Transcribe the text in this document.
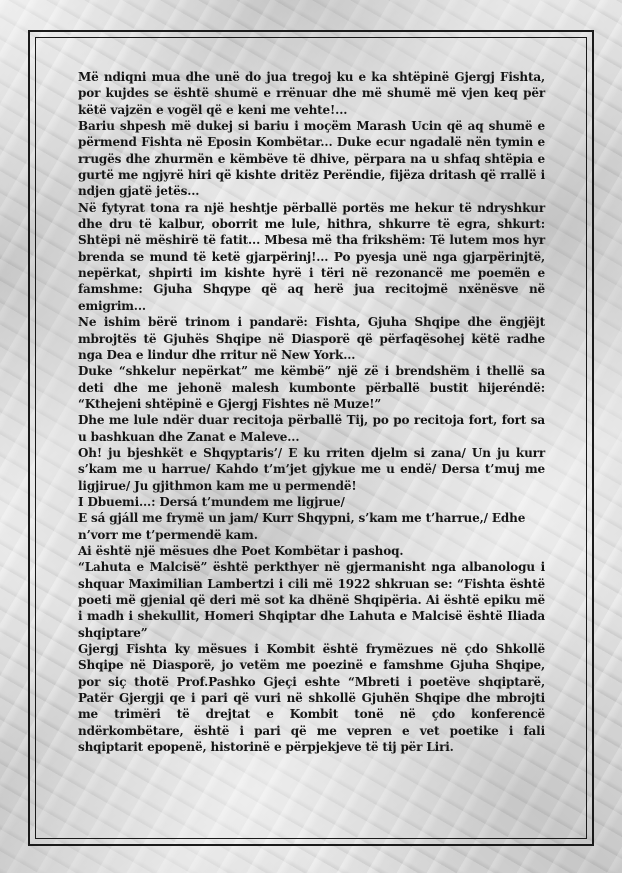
Më ndiqni mua dhe unë do jua tregoj ku e ka shtëpinë Gjergj Fishta, por kujdes se është shumë e rrënuar dhe më shumë më vjen keq për këtë vajzën e vogël që e keni me vehte!...

Bariu shpesh më dukej si bariu i moçëm Marash Ucin që aq shumë e përmend Fishta në Eposin Kombëtar... Duke ecur ngadalë nën tymin e rrugës dhe zhurmën e këmbëve të dhive, përpara na u shfaq shtëpia e gurtë me ngjyrë hiri që kishte dritëz Perëndie, fijëza dritash që rrallë i ndjen gjatë jetës...

Në fytyrat tona ra një heshtje përballë portës me hekur të ndryshkur dhe dru të kalbur, oborrit me lule, hithra, shkurre të egra, shkurt: Shtëpi në mëshirë të fatit... Mbesa më tha frikshëm: Të lutem mos hyr brenda se mund të ketë gjarpërinj!... Po pyesja unë nga gjarpërinjtë, nepërkat, shpirti im kishte hyrë i tëri në rezonancë me poemën e famshme: Gjuha Shqype që aq herë jua recitojmë nxënësve në emigrim...

Ne ishim bërë trinom i pandarë: Fishta, Gjuha Shqipe dhe ëngjëjt mbrojtës të Gjuhës Shqipe në Diasporë që përfaqësohej këtë radhe nga Dea e lindur dhe rritur në New York...

Duke “shkelur nepërkat” me këmbë” një zë i brendshëm i thellë sa deti dhe me jehonë malesh kumbonte përballë bustit hijeréndë: “Kthejeni shtëpinë e Gjergj Fishtes në Muze!”

Dhe me lule ndër duar recitoja përballë Tij, po po recitoja fort, fort sa u bashkuan dhe Zanat e Maleve...

Oh! ju bjeshkët e Shqyptaris’/ E ku rriten djelm si zana/ Un ju kurr s’kam me u harrue/ Kahdo t’m’jet gjykue me u endë/ Dersa t’muj me ligjirue/ Ju gjithmon kam me u permendë!

I Dbuemi...: Dersá t’mundem me ligjrue/

E sá gjáll me frymë un jam/ Kurr Shqypni, s’kam me t’harrue,/ Edhe n’vorr me t’permendë kam.

Ai është një mësues dhe Poet Kombëtar i pashoq.

“Lahuta e Malcisë” është perkthyer në gjermanisht nga albanologu i shquar Maximilian Lambertzi i cili më 1922 shkruan se: “Fishta është poeti më gjenial që deri më sot ka dhënë Shqipëria. Ai është epiku më i madh i shekullit, Homeri Shqiptar dhe Lahuta e Malcisë është Iliada shqiptare”

Gjergj Fishta ky mësues i Kombit është frymëzues në çdo Shkollë Shqipe në Diasporë, jo vetëm me poezinë e famshme Gjuha Shqipe, por siç thotë Prof.Pashko Gjeçi eshte “Mbreti i poetëve shqiptarë, Patër Gjergji qe i pari që vuri në shkollë Gjuhën Shqipe dhe mbrojti me trimëri të drejtat e Kombit tonë në çdo konferencë ndërkombëtare, është i pari që me vepren e vet poetike i fali shqiptarit epopenë, historinë e përpjekjeve të tij për Liri.
